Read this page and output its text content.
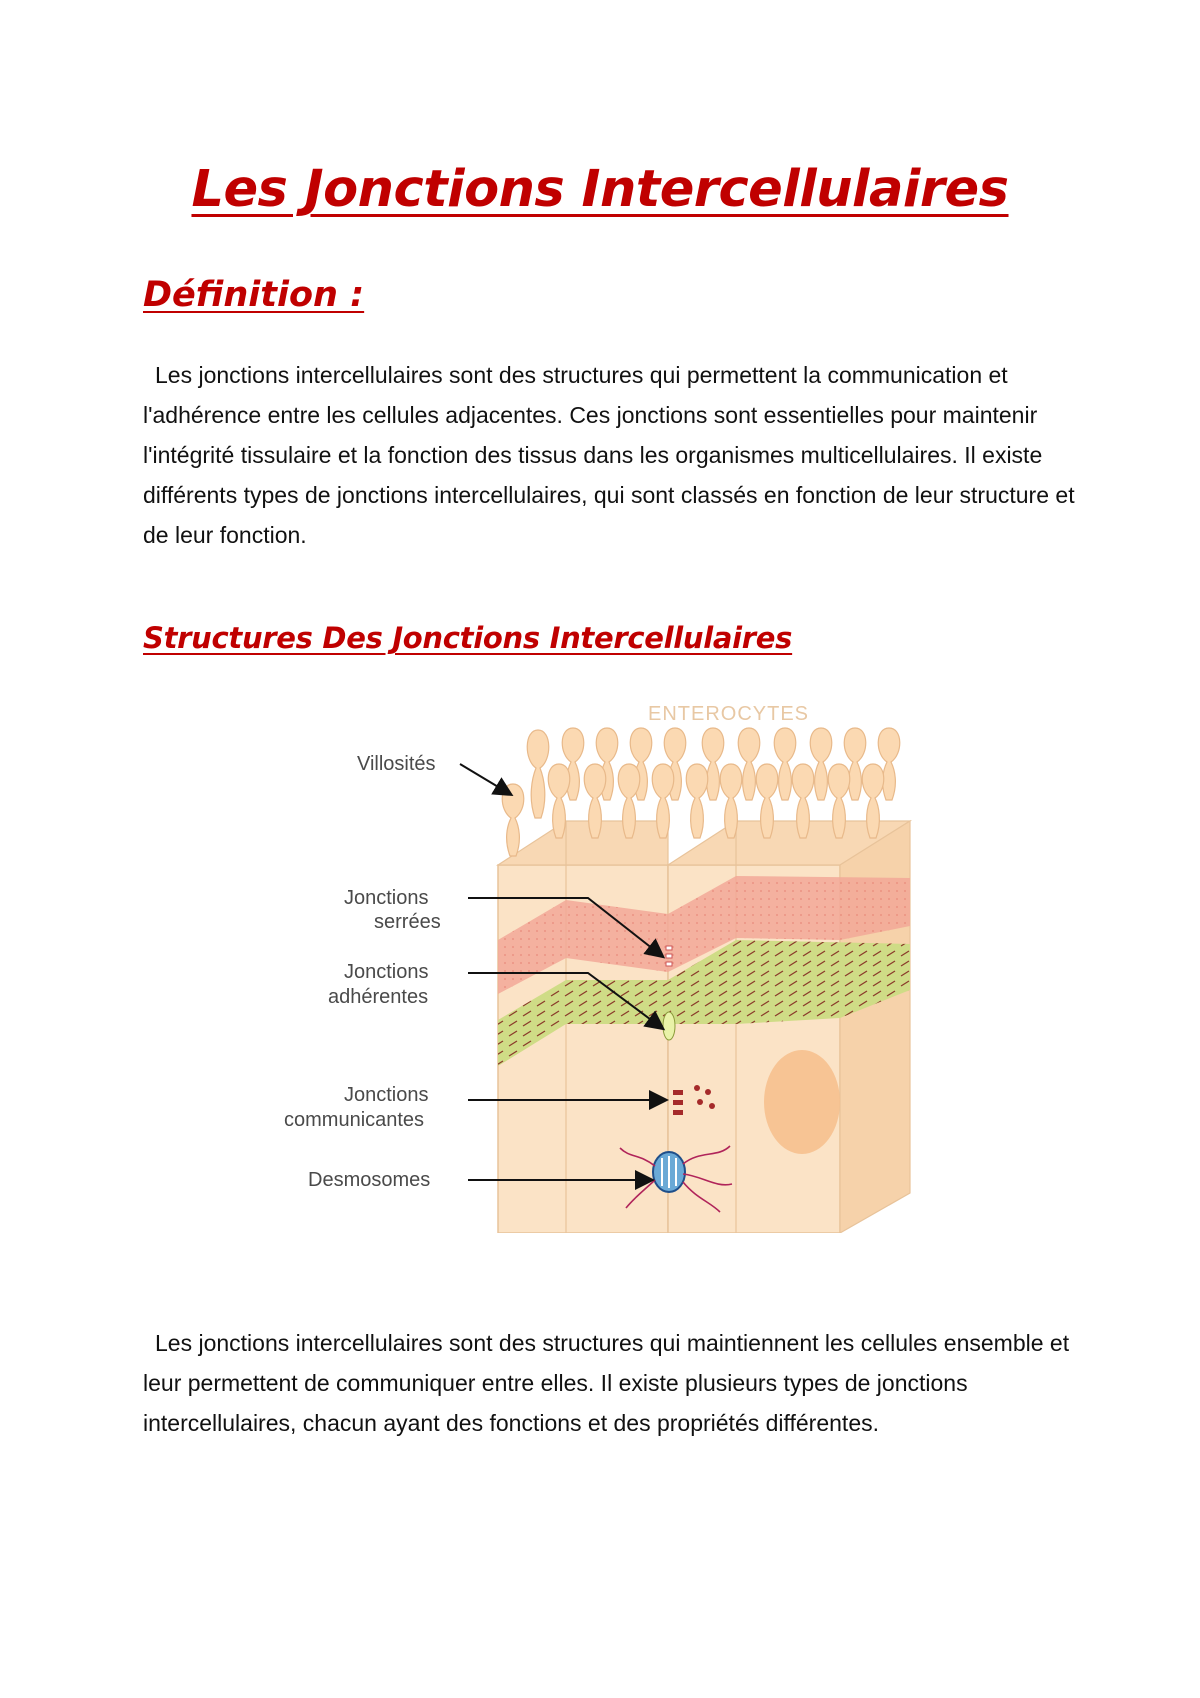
Les Jonctions Intercellulaires
Définition :

Les jonctions intercellulaires sont des structures qui permettent la communication et l'adhérence entre les cellules adjacentes. Ces jonctions sont essentielles pour maintenir l'intégrité tissulaire et la fonction des tissus dans les organismes multicellulaires. Il existe différents types de jonctions intercellulaires, qui sont classés en fonction de leur structure et de leur fonction.

Structures Des Jonctions Intercellulaires
ENTEROCYTES
Villosités
Jonctions
serrées
Jonctions
adhérentes
Jonctions
communicantes
Desmosomes

Les jonctions intercellulaires sont des structures qui maintiennent les cellules ensemble et leur permettent de communiquer entre elles. Il existe plusieurs types de jonctions intercellulaires, chacun ayant des fonctions et des propriétés différentes.
